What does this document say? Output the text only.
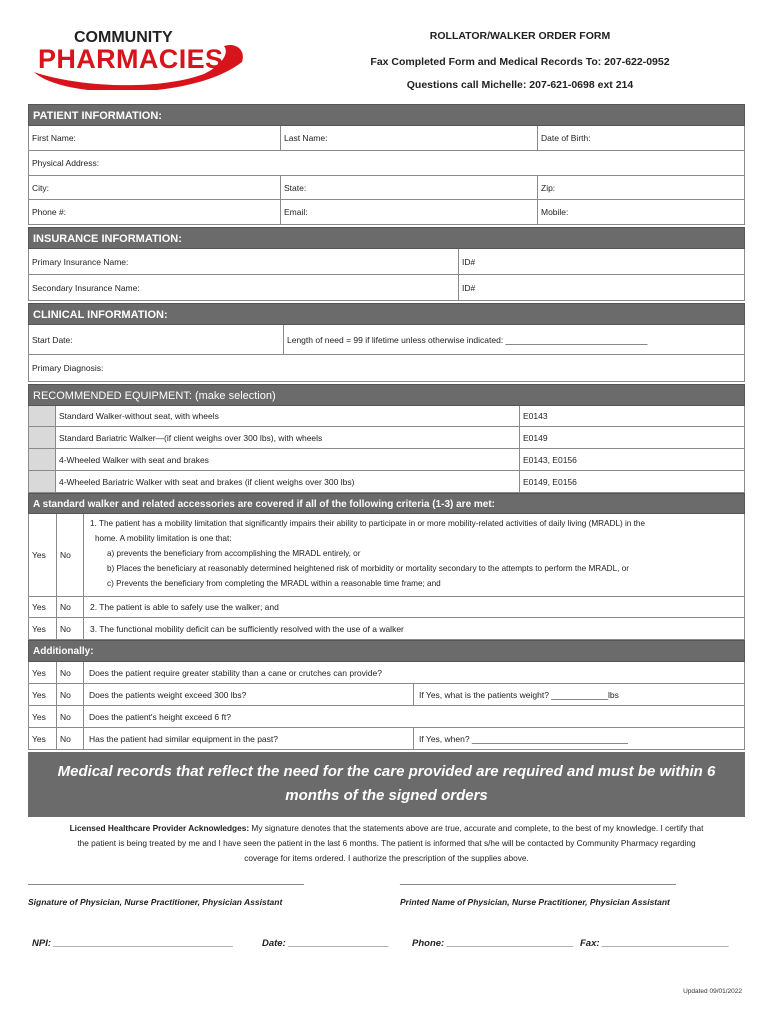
COMMUNITY
PHARMACIES
ROLLATOR/WALKER ORDER FORM
Fax Completed Form and Medical Records To: 207-622-0952
Questions call Michelle: 207-621-0698 ext 214
PATIENT INFORMATION:
First Name:	Last Name:	Date of Birth:
Physical Address:
City:	State:	Zip:
Phone #:	Email:	Mobile:
INSURANCE INFORMATION:
Primary Insurance Name:	ID#
Secondary Insurance Name:	ID#
CLINICAL INFORMATION:
Start Date:	Length of need = 99 if lifetime unless otherwise indicated: ______________________________
Primary Diagnosis:
RECOMMENDED EQUIPMENT: (make selection)
Standard Walker-without seat, with wheels	E0143
Standard Bariatric Walker—(if client weighs over 300 lbs), with wheels	E0149
4-Wheeled Walker with seat and brakes	E0143, E0156
4-Wheeled Bariatric Walker with seat and brakes (if client weighs over 300 lbs)	E0149, E0156
A standard walker and related accessories are covered if all of the following criteria (1-3) are met:
Yes No
1. The patient has a mobility limitation that significantly impairs their ability to participate in or more mobility-related activities of daily living (MRADL) in the
home. A mobility limitation is one that:
a) prevents the beneficiary from accomplishing the MRADL entirely, or
b) Places the beneficiary at reasonably determined heightened risk of morbidity or mortality secondary to the attempts to perform the MRADL, or
c) Prevents the beneficiary from completing the MRADL within a reasonable time frame; and
Yes No 2. The patient is able to safely use the walker; and
Yes No 3. The functional mobility deficit can be sufficiently resolved with the use of a walker
Additionally:
Yes No Does the patient require greater stability than a cane or crutches can provide?
Yes No Does the patients weight exceed 300 lbs?	If Yes, what is the patients weight? ____________lbs
Yes No Does the patient's height exceed 6 ft?
Yes No Has the patient had similar equipment in the past?	If Yes, when? _________________________________
Medical records that reflect the need for the care provided are required and must be within 6
months of the signed orders
Licensed Healthcare Provider Acknowledges: My signature denotes that the statements above are true, accurate and complete, to the best of my knowledge. I certify that
the patient is being treated by me and I have seen the patient in the last 6 months. The patient is informed that s/he will be contacted by Community Pharmacy regarding
coverage for items ordered. I authorize the prescription of the supplies above.
______________________________________________________________	______________________________________________________________
Signature of Physician, Nurse Practitioner, Physician Assistant	Printed Name of Physician, Nurse Practitioner, Physician Assistant
NPI: __________________________________	Date: ___________________ Phone: ________________________ Fax: ________________________
Updated 09/01/2022
